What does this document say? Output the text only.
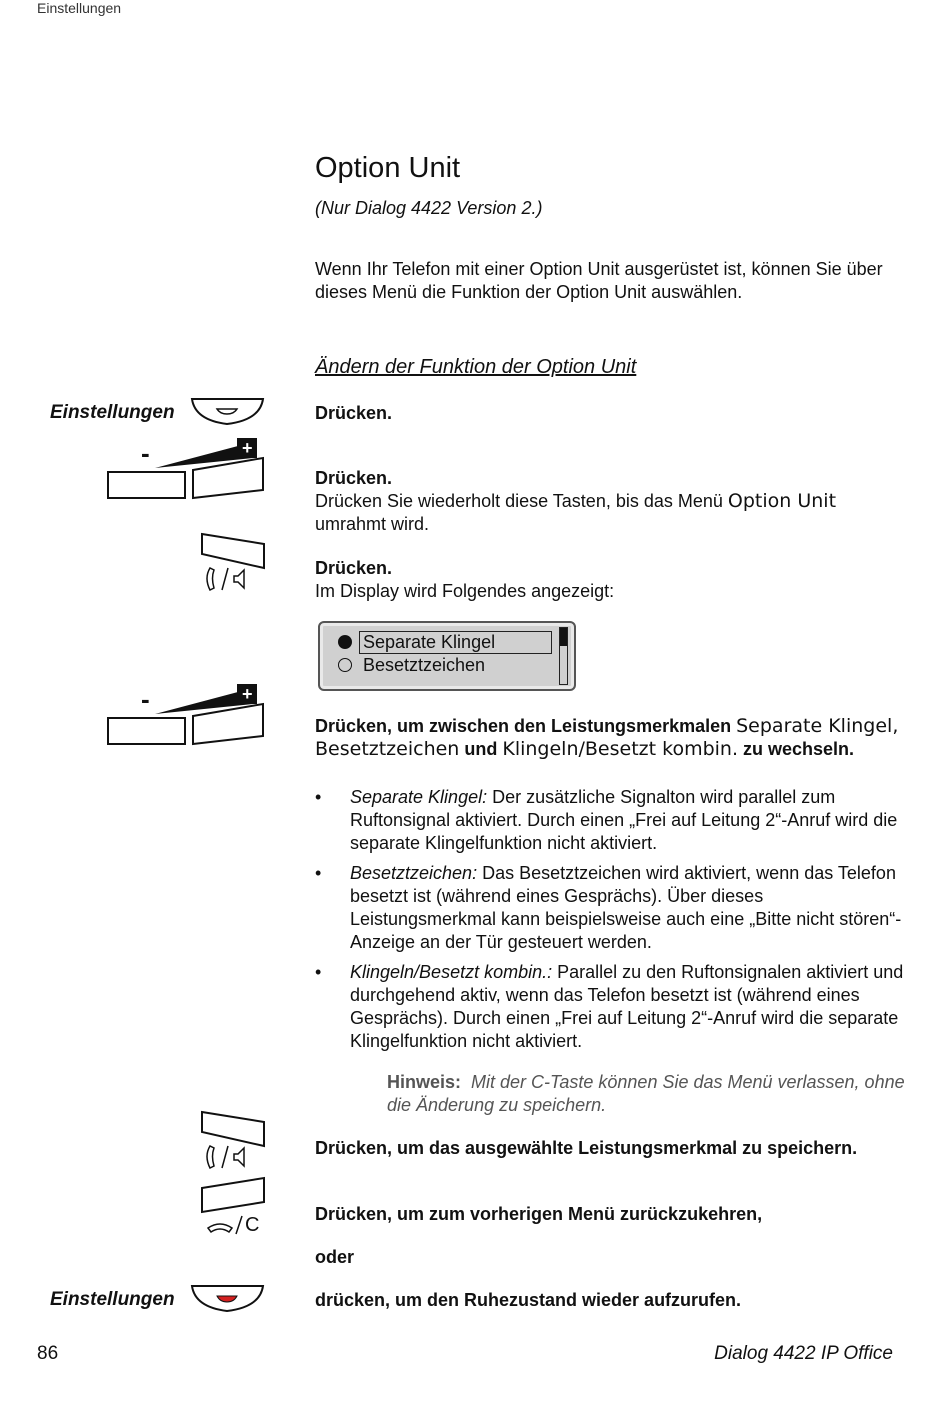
Einstellungen
Option Unit
(Nur Dialog 4422 Version 2.)
Wenn Ihr Telefon mit einer Option Unit ausgerüstet ist, können Sie über dieses Menü die Funktion der Option Unit auswählen.
Ändern der Funktion der Option Unit
Einstellungen	Drücken.
-	+
Drücken.
Drücken Sie wiederholt diese Tasten, bis das Menü Option Unit umrahmt wird.
Drücken.
Im Display wird Folgendes angezeigt:
Separate Klingel
Besetztzeichen
-	+
Drücken, um zwischen den Leistungsmerkmalen Separate Klingel, Besetztzeichen und Klingeln/Besetzt kombin. zu wechseln.
• Separate Klingel: Der zusätzliche Signalton wird parallel zum Ruftonsignal aktiviert. Durch einen „Frei auf Leitung 2“-Anruf wird die separate Klingelfunktion nicht aktiviert.
• Besetztzeichen: Das Besetztzeichen wird aktiviert, wenn das Telefon besetzt ist (während eines Gesprächs). Über dieses Leistungsmerkmal kann beispielsweise auch eine „Bitte nicht stören“-Anzeige an der Tür gesteuert werden.
• Klingeln/Besetzt kombin.: Parallel zu den Ruftonsignalen aktiviert und durchgehend aktiv, wenn das Telefon besetzt ist (während eines Gesprächs). Durch einen „Frei auf Leitung 2“-Anruf wird die separate Klingelfunktion nicht aktiviert.
Hinweis: Mit der C-Taste können Sie das Menü verlassen, ohne die Änderung zu speichern.
Drücken, um das ausgewählte Leistungsmerkmal zu speichern.
C	Drücken, um zum vorherigen Menü zurückzukehren,
oder
Einstellungen	drücken, um den Ruhezustand wieder aufzurufen.
86	Dialog 4422 IP Office
